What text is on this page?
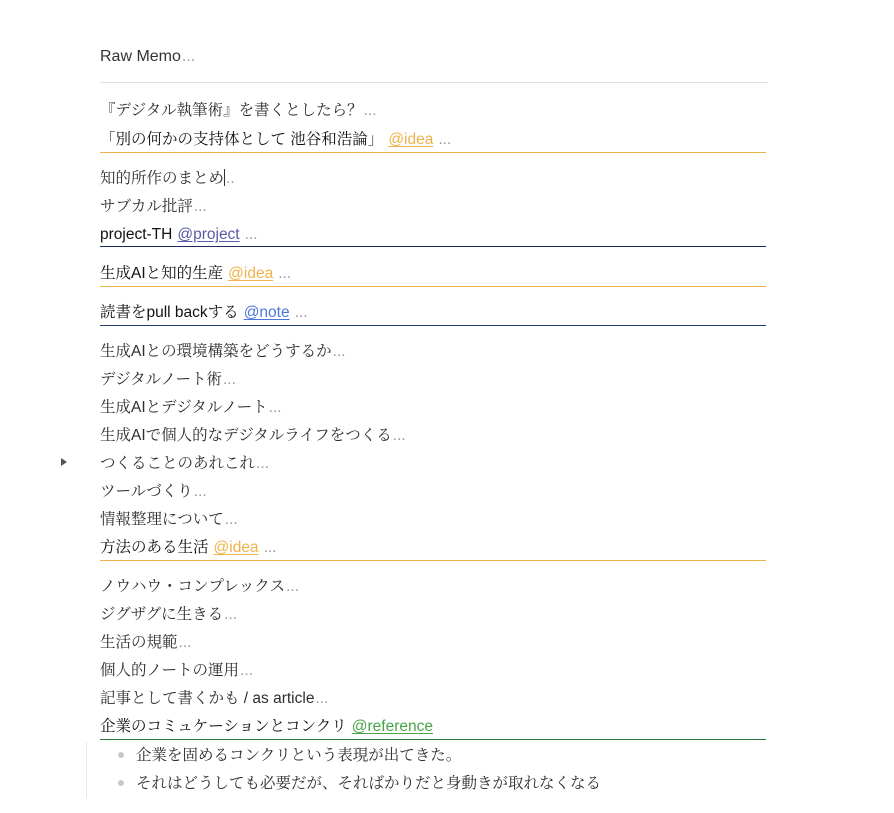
Raw Memo...
『デジタル執筆術』を書くとしたら？...
「別の何かの支持体として 池谷和浩論」 @idea ...
知的所作のまとめ ..
サブカル批評...
project-TH @project ...
生成AIと知的生産 @idea ...
読書をpull backする @note ...
生成AIとの環境構築をどうするか...
デジタルノート術...
生成AIとデジタルノート...
生成AIで個人的なデジタルライフをつくる...
つくることのあれこれ...
ツールづくり...
情報整理について...
方法のある生活 @idea ...
ノウハウ・コンプレックス...
ジグザグに生きる...
生活の規範...
個人的ノートの運用...
記事として書くかも / as article...
企業のコミュケーションとコンクリ @reference
企業を固めるコンクリという表現が出てきた。
それはどうしても必要だが、そればかりだと身動きが取れなくなる
